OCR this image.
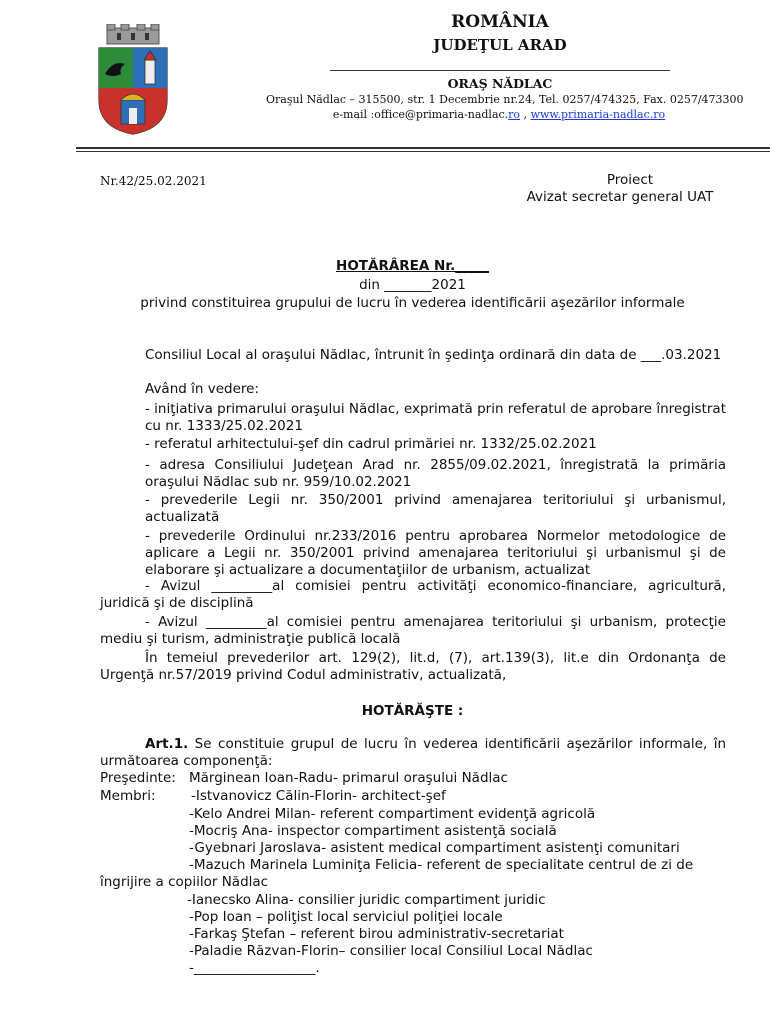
ROMÂNIA
JUDEŢUL ARAD
ORAŞ NĂDLAC
Oraşul Nădlac – 315500, str. 1 Decembrie nr.24, Tel. 0257/474325, Fax. 0257/473300
e-mail :office@primaria-nadlac.ro , www.primaria-nadlac.ro
Nr.42/25.02.2021	Proiect
Avizat secretar general UAT
HOTĂRÂREA Nr._____
din _______2021
privind constituirea grupului de lucru în vederea identificării aşezărilor informale
Consiliul Local al oraşului Nădlac, întrunit în şedinţa ordinară din data de ___.03.2021
Având în vedere:
- iniţiativa primarului oraşului Nădlac, exprimată prin referatul de aprobare înregistrat cu nr. 1333/25.02.2021
- referatul arhitectului-şef din cadrul primăriei nr. 1332/25.02.2021
- adresa Consiliului Judeţean Arad nr. 2855/09.02.2021, înregistrată la primăria oraşului Nădlac sub nr. 959/10.02.2021
- prevederile Legii nr. 350/2001 privind amenajarea teritoriului şi urbanismul, actualizată
- prevederile Ordinului nr.233/2016 pentru aprobarea Normelor metodologice de aplicare a Legii nr. 350/2001 privind amenajarea teritoriului şi urbanismul şi de elaborare şi actualizare a documentaţiilor de urbanism, actualizat
- Avizul _________al comisiei pentru activităţi economico-financiare, agricultură, juridică şi de disciplină
- Avizul _________al comisiei pentru amenajarea teritoriului şi urbanism, protecţie mediu şi turism, administraţie publică locală
În temeiul prevederilor art. 129(2), lit.d, (7), art.139(3), lit.e din Ordonanţa de Urgenţă nr.57/2019 privind Codul administrativ, actualizată,
HOTĂRĂŞTE :
Art.1. Se constituie grupul de lucru în vederea identificării aşezărilor informale, în următoarea componenţă:
Preşedinte: Mărginean Ioan-Radu- primarul oraşului Nădlac
Membri:	-Istvanovicz Călin-Florin- architect-şef
-Kelo Andrei Milan- referent compartiment evidenţă agricolă
-Mocriş Ana- inspector compartiment asistenţă socială
-Gyebnari Jaroslava- asistent medical compartiment asistenţi comunitari
-Mazuch Marinela Luminiţa Felicia- referent de specialitate centrul de zi de
îngrijire a copiilor Nădlac
-Ianecsko Alina- consilier juridic compartiment juridic
-Pop Ioan – poliţist local serviciul poliţiei locale
-Farkaş Ştefan – referent birou administrativ-secretariat
-Paladie Răzvan-Florin– consilier local Consiliul Local Nădlac
-__________________.
